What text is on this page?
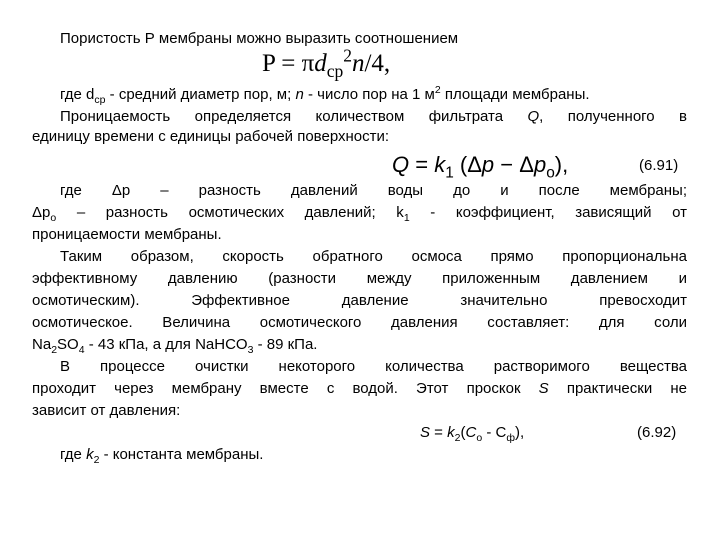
Пористость Р мембраны можно выразить соотношением
$P = \pi d_{ср}^2n/4$,
где $d_{ср}$ - средний диаметр пор, м; n - число пор на 1 $м^2$ площади мембраны.
Проницаемость определяется количеством фильтрата Q, полученного в
единицу времени с единицы рабочей поверхности:
$Q = k_1$ $(\Delta p - \Delta p_o)$,	(6.91)
где Δр – разность давлений воды до и после мембраны;
$\Delta р_о$ – разность осмотических давлений; $k_1$ - коэффициент, зависящий от
проницаемости мембраны.
Таким образом, скорость обратного осмоса прямо пропорциональна
эффективному давлению (разности между приложенным давлением и
осмотическим). Эффективное давление значительно превосходит
осмотическое. Величина осмотического давления составляет: для соли
$Na_2SO_4 - 43$ кПа, а для NaHCO$_3$ - 89 кПа.
В процессе очистки некоторого количества растворимого вещества
проходит через мембрану вместе с водой. Этот проскок S практически не
зависит от давления:
$S = k_2(C_о - С_ф)$,	(6.92)
где $k_2$ - константа мембраны.
